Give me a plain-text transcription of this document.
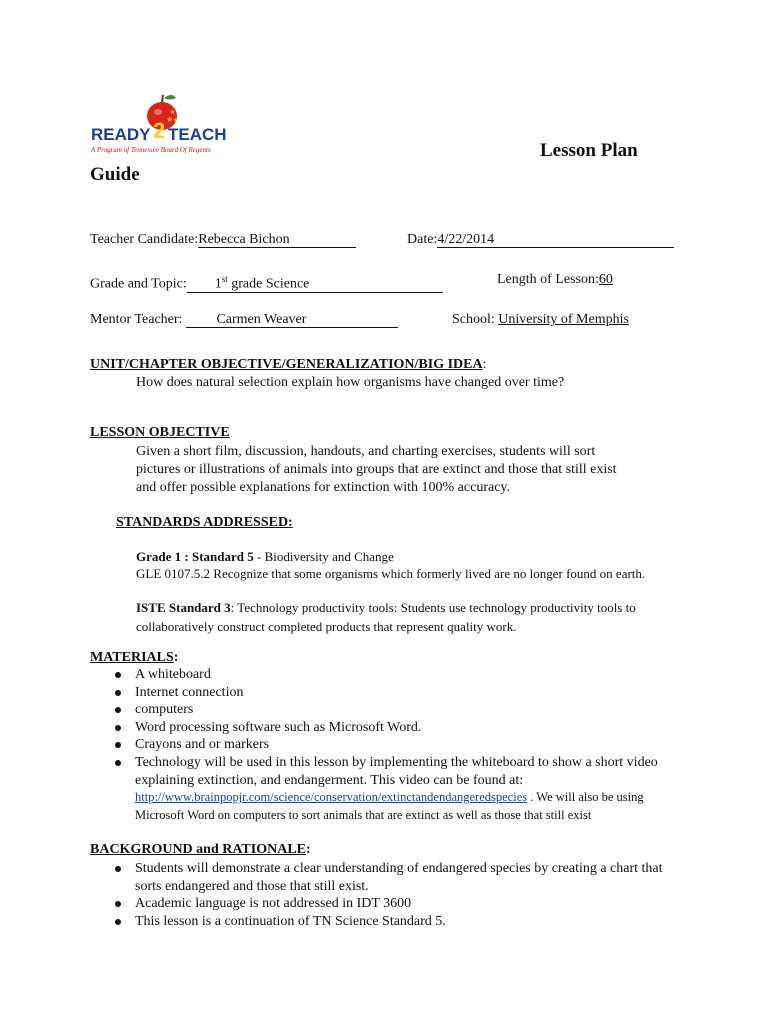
★
★
★
READY 2 TEACH
A Program of Tennessee Board Of Regents	Lesson Plan
Guide
Teacher Candidate:Rebecca Bichon	Date:4/22/2014
Grade and Topic: 1st grade Science	Length of Lesson:60
Mentor Teacher: Carmen Weaver	School: University of Memphis
UNIT/CHAPTER OBJECTIVE/GENERALIZATION/BIG IDEA:
How does natural selection explain how organisms have changed over time?
LESSON OBJECTIVE
Given a short film, discussion, handouts, and charting exercises, students will sort pictures or illustrations of animals into groups that are extinct and those that still exist and offer possible explanations for extinction with 100% accuracy.
STANDARDS ADDRESSED:
Grade 1 : Standard 5 - Biodiversity and Change
GLE 0107.5.2 Recognize that some organisms which formerly lived are no longer found on earth.
ISTE Standard 3: Technology productivity tools: Students use technology productivity tools to collaboratively construct completed products that represent quality work.
MATERIALS:
A whiteboard
Internet connection
computers
Word processing software such as Microsoft Word.
Crayons and or markers
Technology will be used in this lesson by implementing the whiteboard to show a short video explaining extinction, and endangerment. This video can be found at:
http://www.brainpopjr.com/science/conservation/extinctandendangeredspecies . We will also be using Microsoft Word on computers to sort animals that are extinct as well as those that still exist
BACKGROUND and RATIONALE:
Students will demonstrate a clear understanding of endangered species by creating a chart that sorts endangered and those that still exist.
Academic language is not addressed in IDT 3600
This lesson is a continuation of TN Science Standard 5.
